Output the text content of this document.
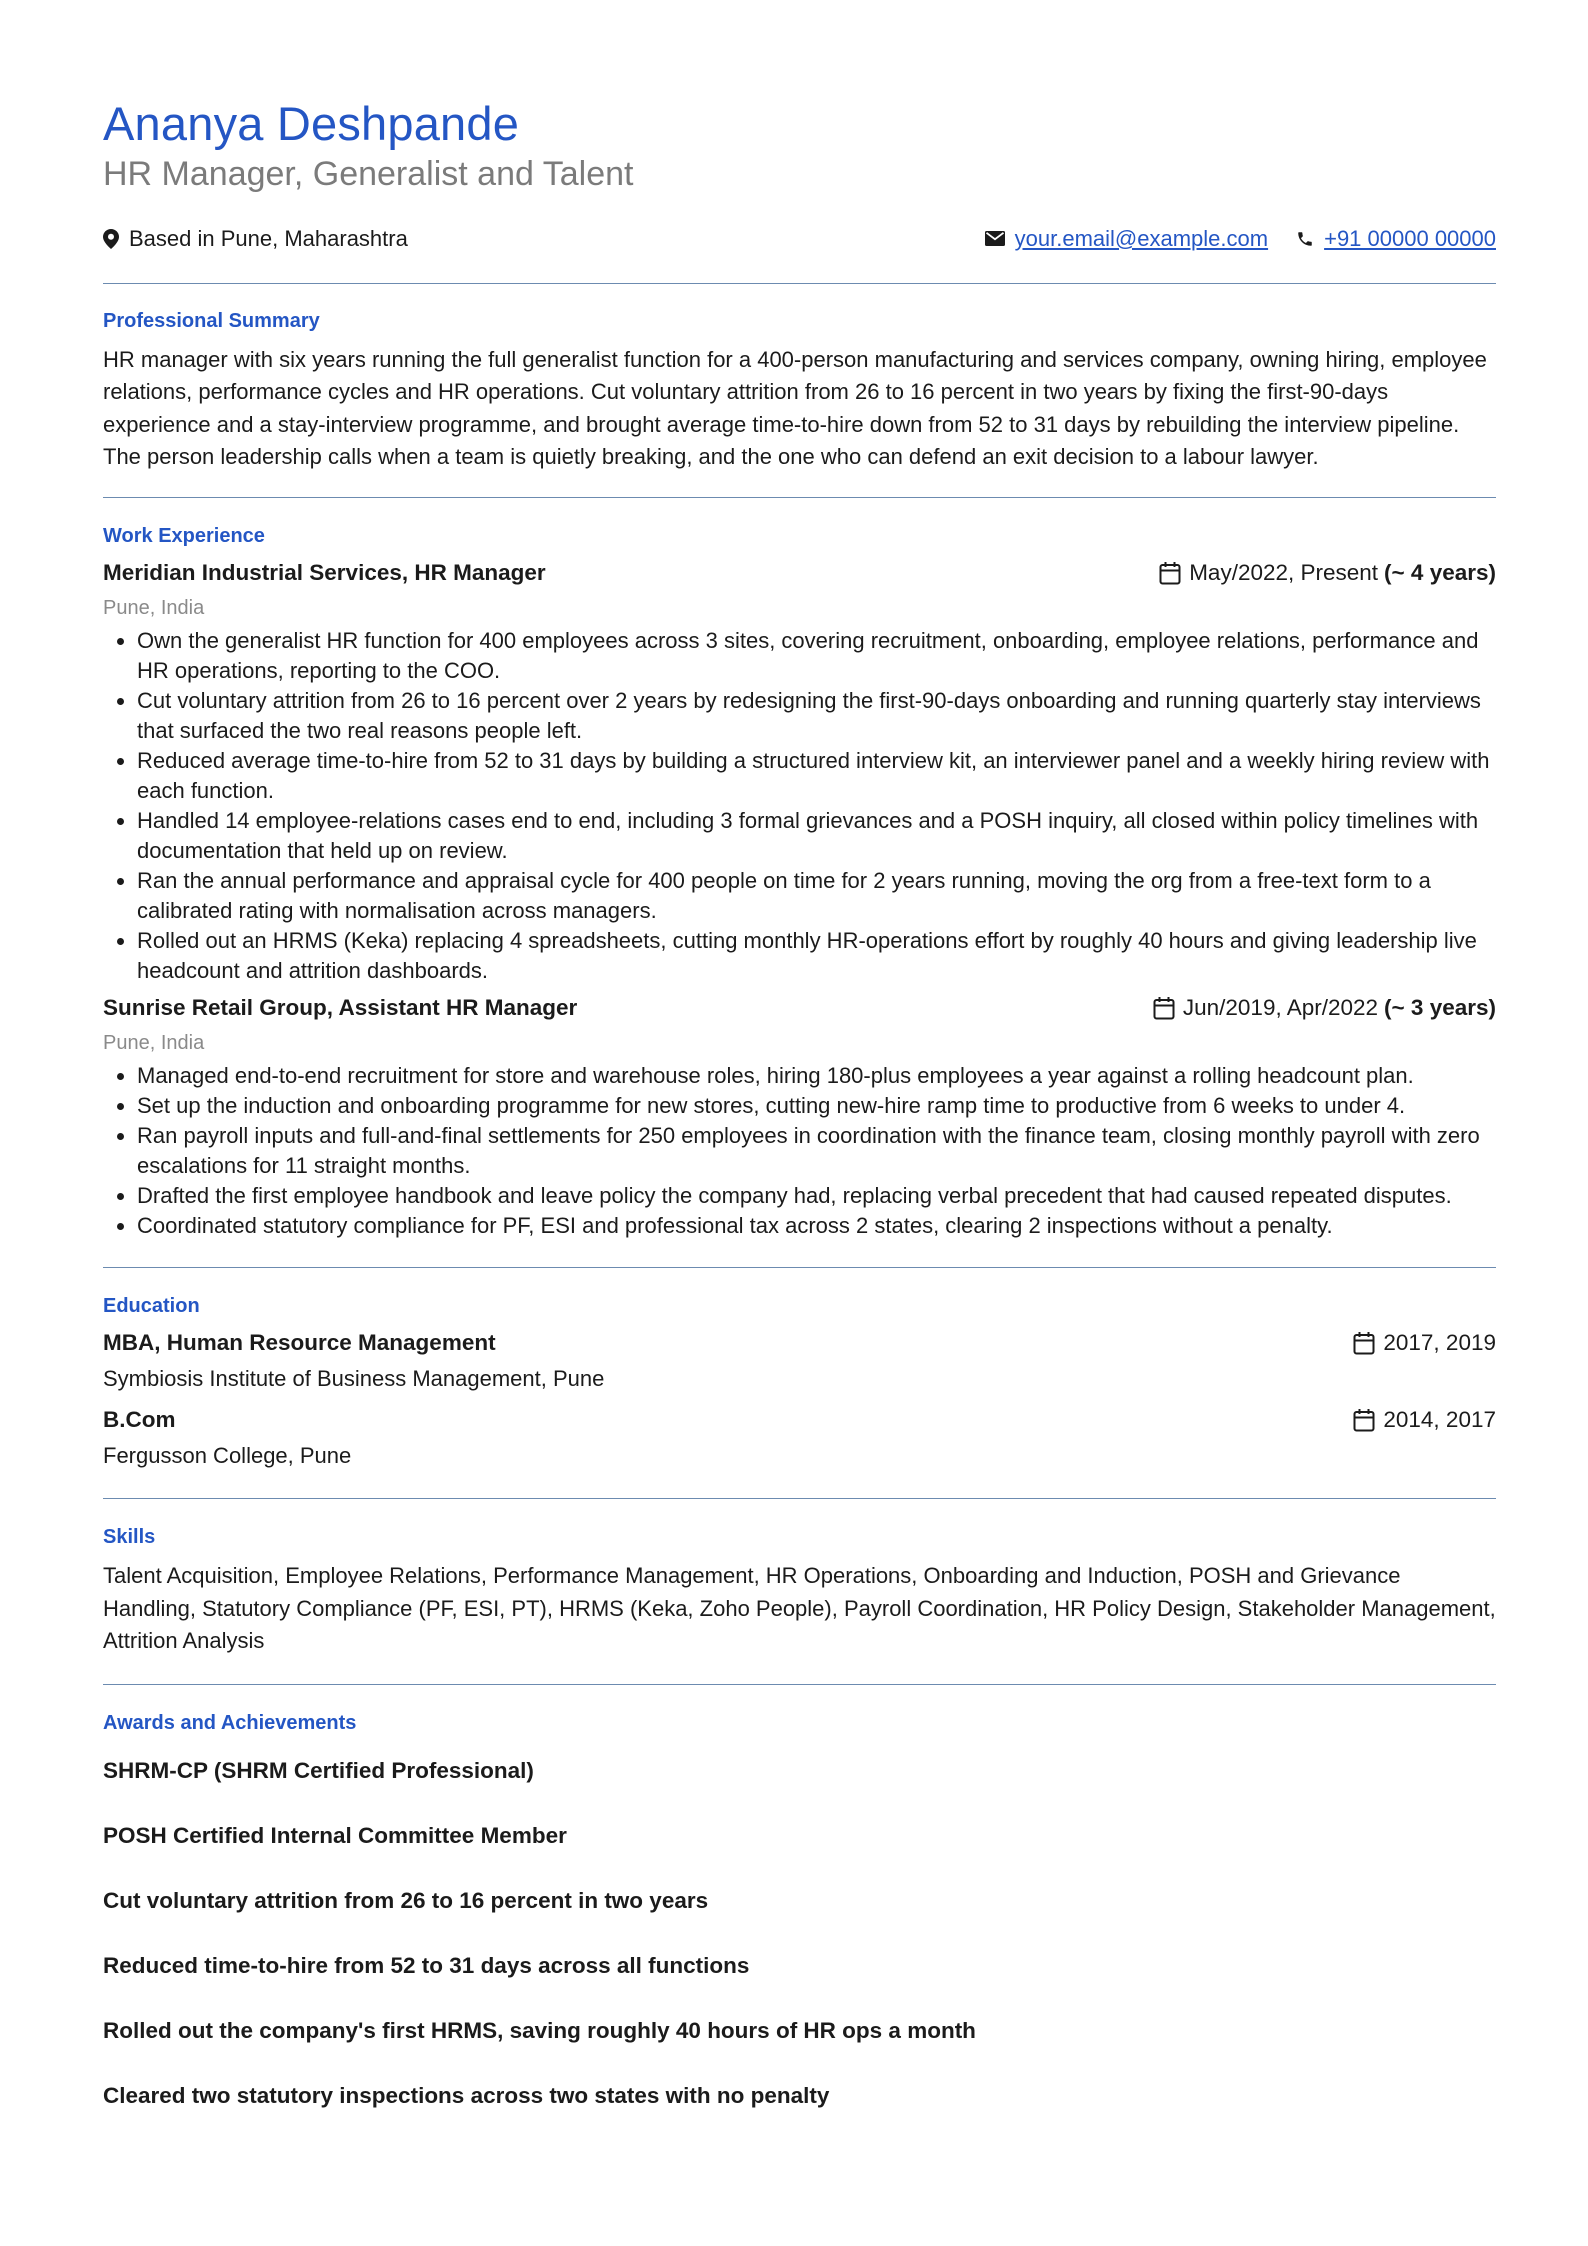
Ananya Deshpande
HR Manager, Generalist and Talent
Based in Pune, Maharashtra	your.email@example.com	+91 00000 00000
Professional Summary

HR manager with six years running the full generalist function for a 400-person manufacturing and services company, owning hiring, employee relations, performance cycles and HR operations. Cut voluntary attrition from 26 to 16 percent in two years by fixing the first-90-days experience and a stay-interview programme, and brought average time-to-hire down from 52 to 31 days by rebuilding the interview pipeline. The person leadership calls when a team is quietly breaking, and the one who can defend an exit decision to a labour lawyer.

Work Experience
Meridian Industrial Services, HR Manager	May/2022, Present (~ 4 years)
Pune, India
• Own the generalist HR function for 400 employees across 3 sites, covering recruitment, onboarding, employee relations, performance and HR operations, reporting to the COO.
• Cut voluntary attrition from 26 to 16 percent over 2 years by redesigning the first-90-days onboarding and running quarterly stay interviews that surfaced the two real reasons people left.
• Reduced average time-to-hire from 52 to 31 days by building a structured interview kit, an interviewer panel and a weekly hiring review with each function.
• Handled 14 employee-relations cases end to end, including 3 formal grievances and a POSH inquiry, all closed within policy timelines with documentation that held up on review.
• Ran the annual performance and appraisal cycle for 400 people on time for 2 years running, moving the org from a free-text form to a calibrated rating with normalisation across managers.
• Rolled out an HRMS (Keka) replacing 4 spreadsheets, cutting monthly HR-operations effort by roughly 40 hours and giving leadership live headcount and attrition dashboards.
Sunrise Retail Group, Assistant HR Manager	Jun/2019, Apr/2022 (~ 3 years)
Pune, India
• Managed end-to-end recruitment for store and warehouse roles, hiring 180-plus employees a year against a rolling headcount plan.
• Set up the induction and onboarding programme for new stores, cutting new-hire ramp time to productive from 6 weeks to under 4.
• Ran payroll inputs and full-and-final settlements for 250 employees in coordination with the finance team, closing monthly payroll with zero escalations for 11 straight months.
• Drafted the first employee handbook and leave policy the company had, replacing verbal precedent that had caused repeated disputes.
• Coordinated statutory compliance for PF, ESI and professional tax across 2 states, clearing 2 inspections without a penalty.
Education
MBA, Human Resource Management	2017, 2019
Symbiosis Institute of Business Management, Pune
B.Com	2014, 2017
Fergusson College, Pune
Skills

Talent Acquisition, Employee Relations, Performance Management, HR Operations, Onboarding and Induction, POSH and Grievance Handling, Statutory Compliance (PF, ESI, PT), HRMS (Keka, Zoho People), Payroll Coordination, HR Policy Design, Stakeholder Management, Attrition Analysis

Awards and Achievements

SHRM-CP (SHRM Certified Professional)

POSH Certified Internal Committee Member

Cut voluntary attrition from 26 to 16 percent in two years

Reduced time-to-hire from 52 to 31 days across all functions

Rolled out the company's first HRMS, saving roughly 40 hours of HR ops a month

Cleared two statutory inspections across two states with no penalty
